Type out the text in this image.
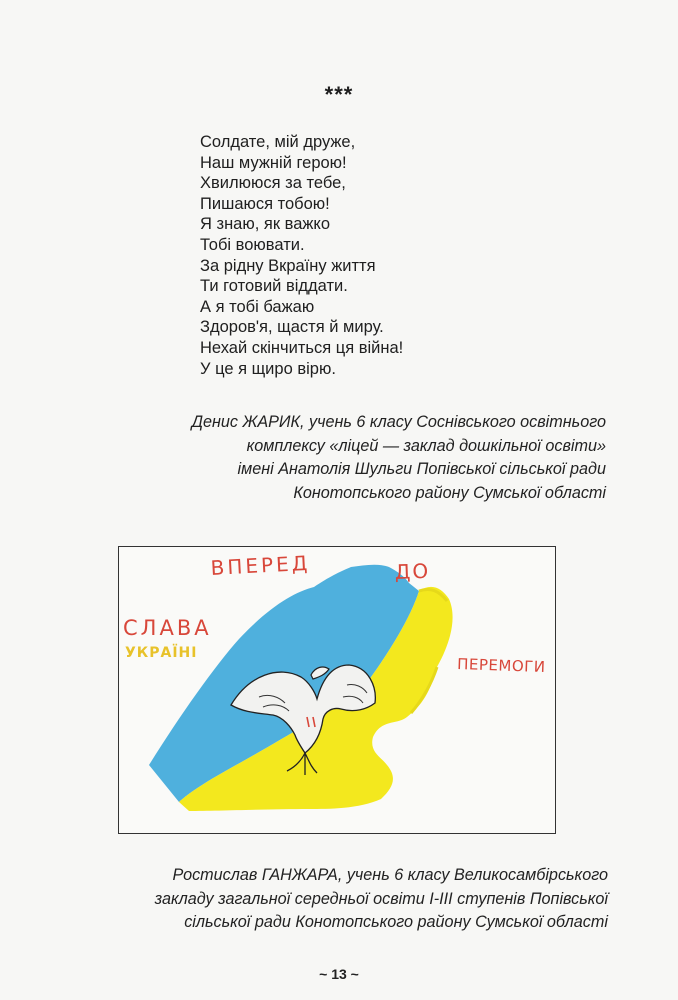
***
Солдате, мій друже,
Наш мужній герою!
Хвилююся за тебе,
Пишаюся тобою!
Я знаю, як важко
Тобі воювати.
За рідну Вкраїну життя
Ти готовий віддати.
А я тобі бажаю
Здоров'я, щастя й миру.
Нехай скінчиться ця війна!
У це я щиро вірю.
Денис ЖАРИК, учень 6 класу Соснівського освітнього
комплексу «ліцей — заклад дошкільної освіти»
імені Анатолія Шульги Попівської сільської ради
Конотопського району Сумської області
ВПЕРЕД	ДО
СЛАВА
УКРАЇНІ
ПЕРЕМОГИ
Ростислав ГАНЖАРА, учень 6 класу Великосамбірського
закладу загальної середньої освіти І-ІІІ ступенів Попівської
сільської ради Конотопського району Сумської області
~ 13 ~
